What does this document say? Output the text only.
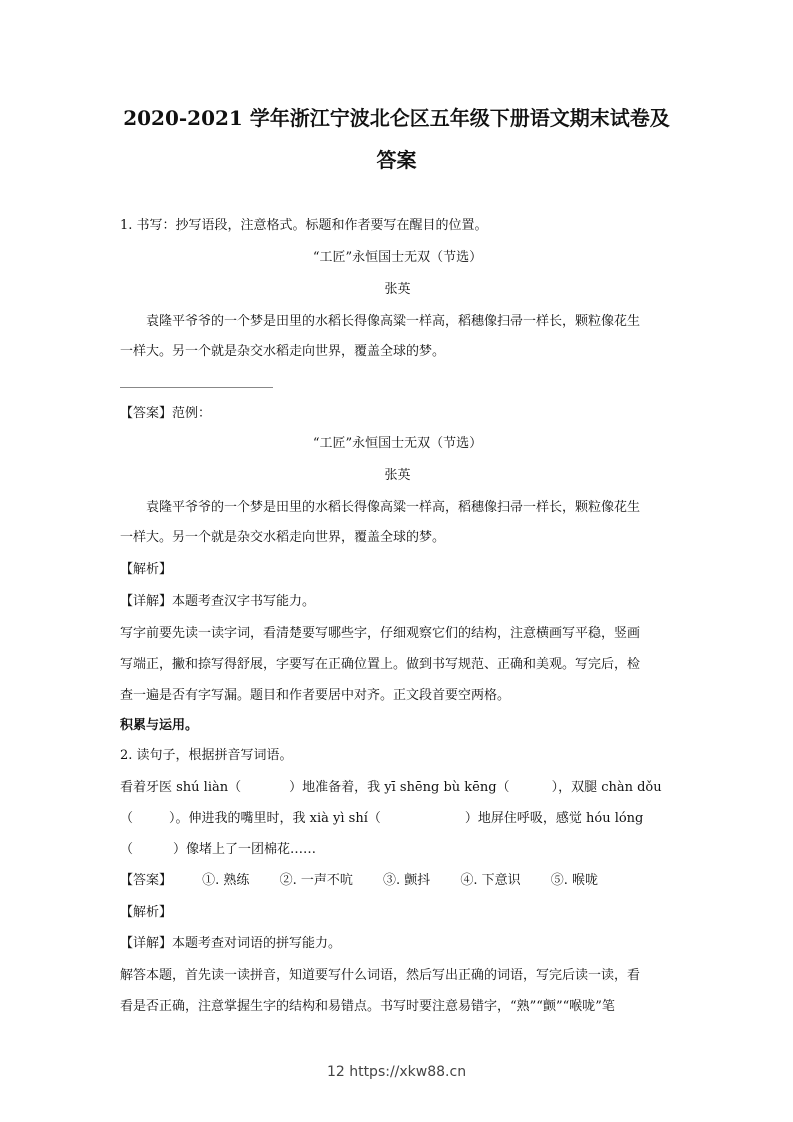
2020-2021 学年浙江宁波北仑区五年级下册语文期末试卷及
答案
1. 书写：抄写语段，注意格式。标题和作者要写在醒目的位置。
“工匠”永恒国士无双（节选）
张英
袁隆平爷爷的一个梦是田里的水稻长得像高粱一样高，稻穗像扫帚一样长，颗粒像花生
一样大。另一个就是杂交水稻走向世界，覆盖全球的梦。
【答案】范例：
“工匠”永恒国士无双（节选）
张英
袁隆平爷爷的一个梦是田里的水稻长得像高粱一样高，稻穗像扫帚一样长，颗粒像花生
一样大。另一个就是杂交水稻走向世界，覆盖全球的梦。
【解析】
【详解】本题考查汉字书写能力。
写字前要先读一读字词，看清楚要写哪些字，仔细观察它们的结构，注意横画写平稳，竖画
写端正，撇和捺写得舒展，字要写在正确位置上。做到书写规范、正确和美观。写完后，检
查一遍是否有字写漏。题目和作者要居中对齐。正文段首要空两格。
积累与运用。
2. 读句子，根据拼音写词语。
看着牙医 shú liàn（	）地准备着，我 yī shēng bù kēng（	），双腿 chàn dǒu
（	）。伸进我的嘴里时，我 xià yì shí（	）地屏住呼吸，感觉 hóu lóng
（	）像堵上了一团棉花……
【答案】 ①. 熟练 ②. 一声不吭 ③. 颤抖 ④. 下意识 ⑤. 喉咙
【解析】
【详解】本题考查对词语的拼写能力。
解答本题，首先读一读拼音，知道要写什么词语，然后写出正确的词语，写完后读一读，看
看是否正确，注意掌握生字的结构和易错点。书写时要注意易错字，“熟”“颤”“喉咙”笔
12 https://xkw88.cn
